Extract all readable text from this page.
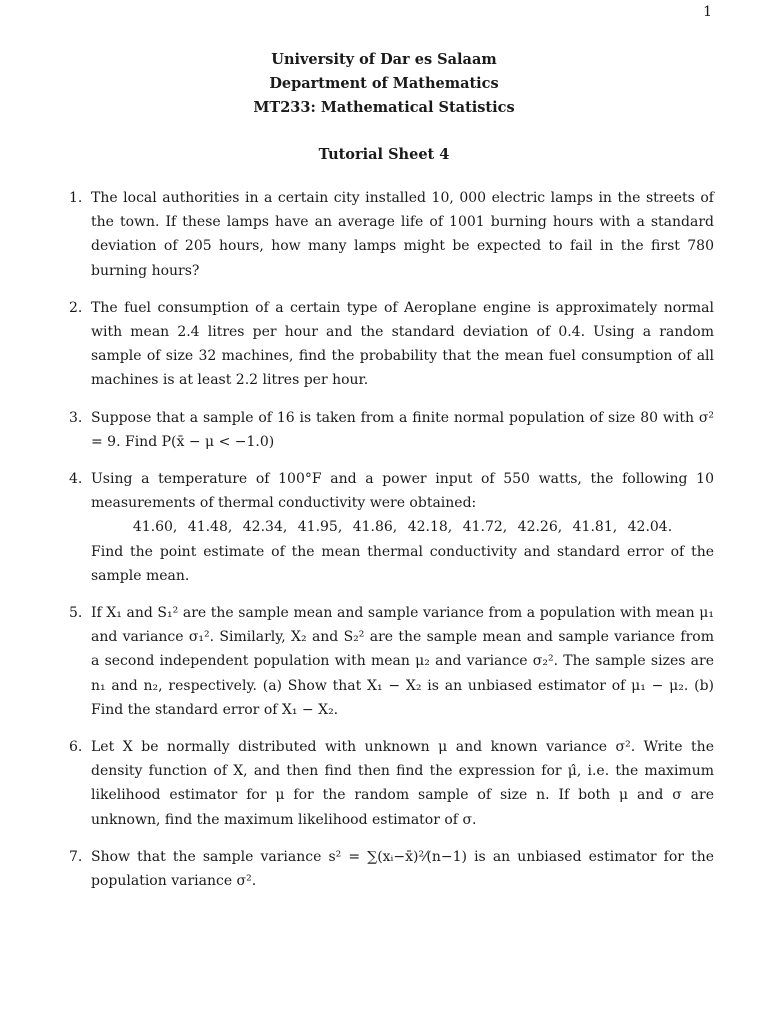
1
University of Dar es Salaam
Department of Mathematics
MT233: Mathematical Statistics
Tutorial Sheet 4
1. The local authorities in a certain city installed 10, 000 electric lamps in the streets of the town. If these lamps have an average life of 1001 burning hours with a standard deviation of 205 hours, how many lamps might be expected to fail in the first 780 burning hours?

2. The fuel consumption of a certain type of Aeroplane engine is approximately normal with mean 2.4 litres per hour and the standard deviation of 0.4. Using a random sample of size 32 machines, find the probability that the mean fuel consumption of all machines is at least 2.2 litres per hour.

3. Suppose that a sample of 16 is taken from a finite normal population of size 80 with σ² = 9. Find P(x̄ − μ < −1.0)

4. Using a temperature of 100°F and a power input of 550 watts, the following 10 measurements of thermal conductivity were obtained:

41.60, 41.48, 42.34, 41.95, 41.86, 42.18, 41.72, 42.26, 41.81, 42.04.

Find the point estimate of the mean thermal conductivity and standard error of the sample mean.

5. If X₁ and S₁² are the sample mean and sample variance from a population with mean μ₁ and variance σ₁². Similarly, X₂ and S₂² are the sample mean and sample variance from a second independent population with mean μ₂ and variance σ₂². The sample sizes are n₁ and n₂, respectively. (a) Show that X₁ − X₂ is an unbiased estimator of μ₁ − μ₂. (b) Find the standard error of X₁ − X₂.

6. Let X be normally distributed with unknown μ and known variance σ². Write the density function of X, and then find then find the expression for μ̂, i.e. the maximum likelihood estimator for μ for the random sample of size n. If both μ and σ are unknown, find the maximum likelihood estimator of σ.

7. Show that the sample variance s² = ∑(xᵢ−x̄)²⁄(n−1) is an unbiased estimator for the population variance σ².
